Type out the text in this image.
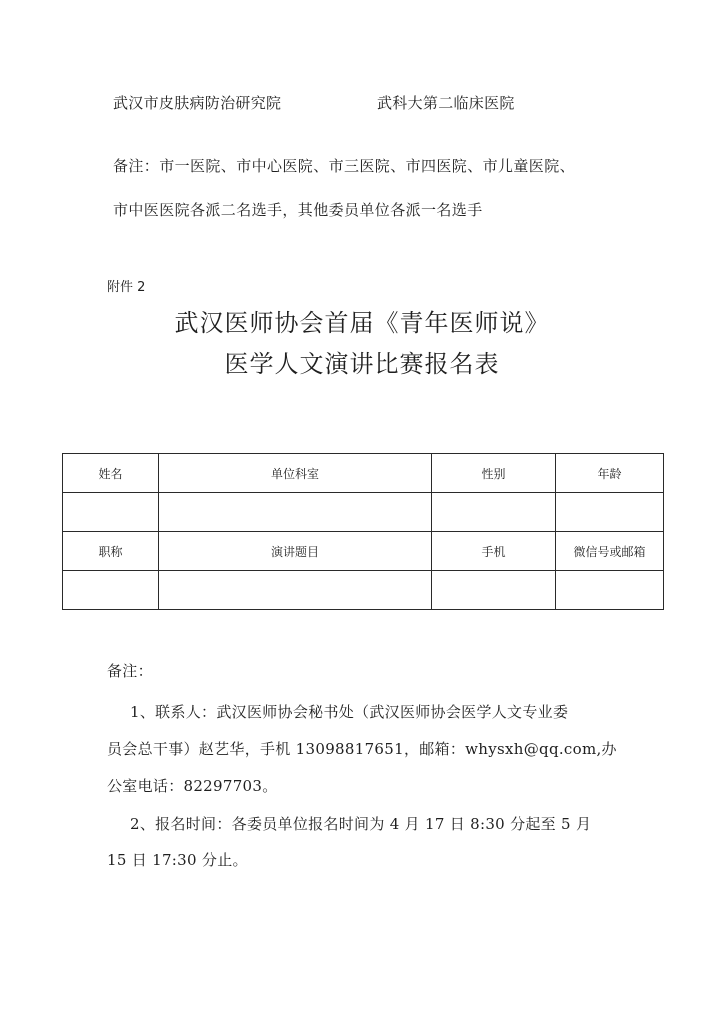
武汉市皮肤病防治研究院	武科大第二临床医院
备注：市一医院、市中心医院、市三医院、市四医院、市儿童医院、
市中医医院各派二名选手，其他委员单位各派一名选手
附件 2
武汉医师协会首届《青年医师说》
医学人文演讲比赛报名表
姓名	单位科室	性别	年龄

职称	演讲题目	手机	微信号或邮箱

备注：
1、联系人：武汉医师协会秘书处（武汉医师协会医学人文专业委
员会总干事）赵艺华，手机 13098817651，邮箱：whysxh@qq.com,办
公室电话：82297703。
2、报名时间：各委员单位报名时间为 4 月 17 日 8:30 分起至 5 月
15 日 17:30 分止。
